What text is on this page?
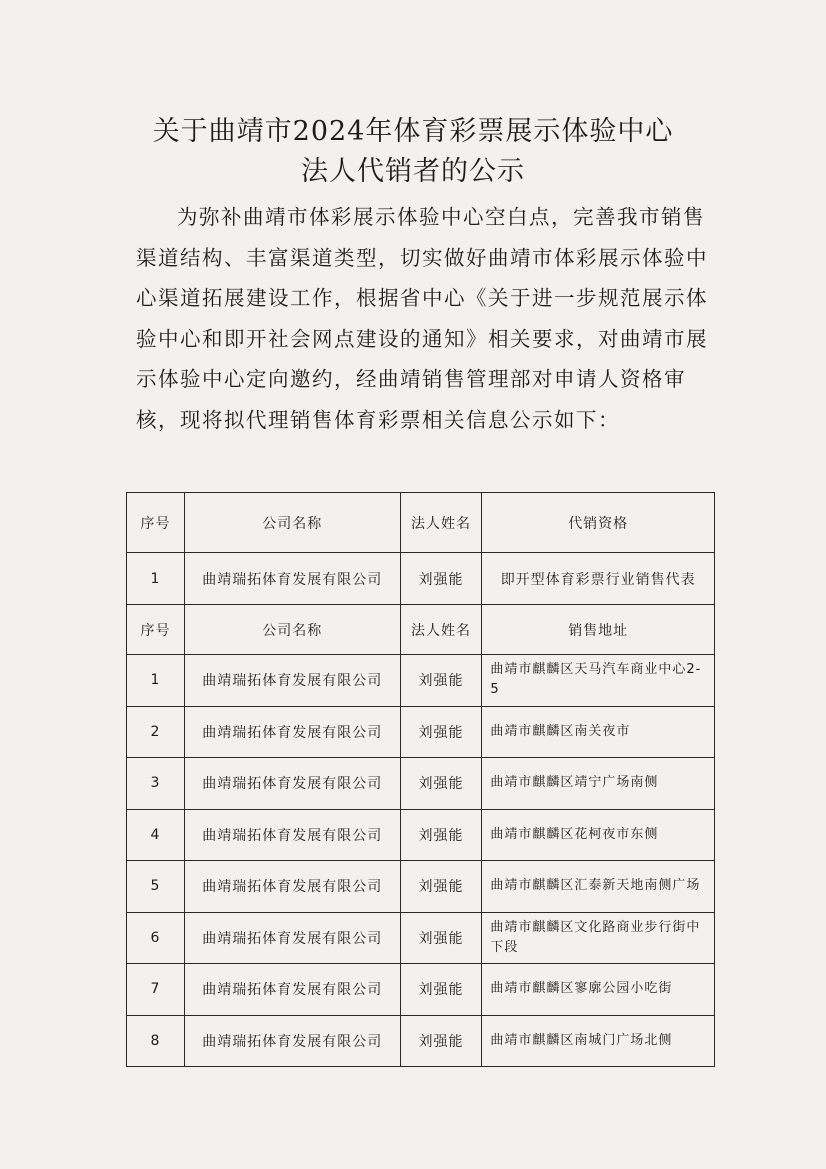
关于曲靖市2024年体育彩票展示体验中心
法人代销者的公示
为弥补曲靖市体彩展示体验中心空白点，完善我市销售
渠道结构、丰富渠道类型，切实做好曲靖市体彩展示体验中
心渠道拓展建设工作，根据省中心《关于进一步规范展示体
验中心和即开社会网点建设的通知》相关要求，对曲靖市展
示体验中心定向邀约，经曲靖销售管理部对申请人资格审
核，现将拟代理销售体育彩票相关信息公示如下：
序号	公司名称	法人姓名	代销资格
1	曲靖瑞拓体育发展有限公司	刘强能	即开型体育彩票行业销售代表
序号	公司名称	法人姓名	销售地址
1	曲靖瑞拓体育发展有限公司	刘强能	曲靖市麒麟区天马汽车商业中心2-5
2	曲靖瑞拓体育发展有限公司	刘强能	曲靖市麒麟区南关夜市
3	曲靖瑞拓体育发展有限公司	刘强能	曲靖市麒麟区靖宁广场南侧
4	曲靖瑞拓体育发展有限公司	刘强能	曲靖市麒麟区花柯夜市东侧
5	曲靖瑞拓体育发展有限公司	刘强能	曲靖市麒麟区汇泰新天地南侧广场
6	曲靖瑞拓体育发展有限公司	刘强能	曲靖市麒麟区文化路商业步行街中下段
7	曲靖瑞拓体育发展有限公司	刘强能	曲靖市麒麟区寥廓公园小吃街
8	曲靖瑞拓体育发展有限公司	刘强能	曲靖市麒麟区南城门广场北侧
